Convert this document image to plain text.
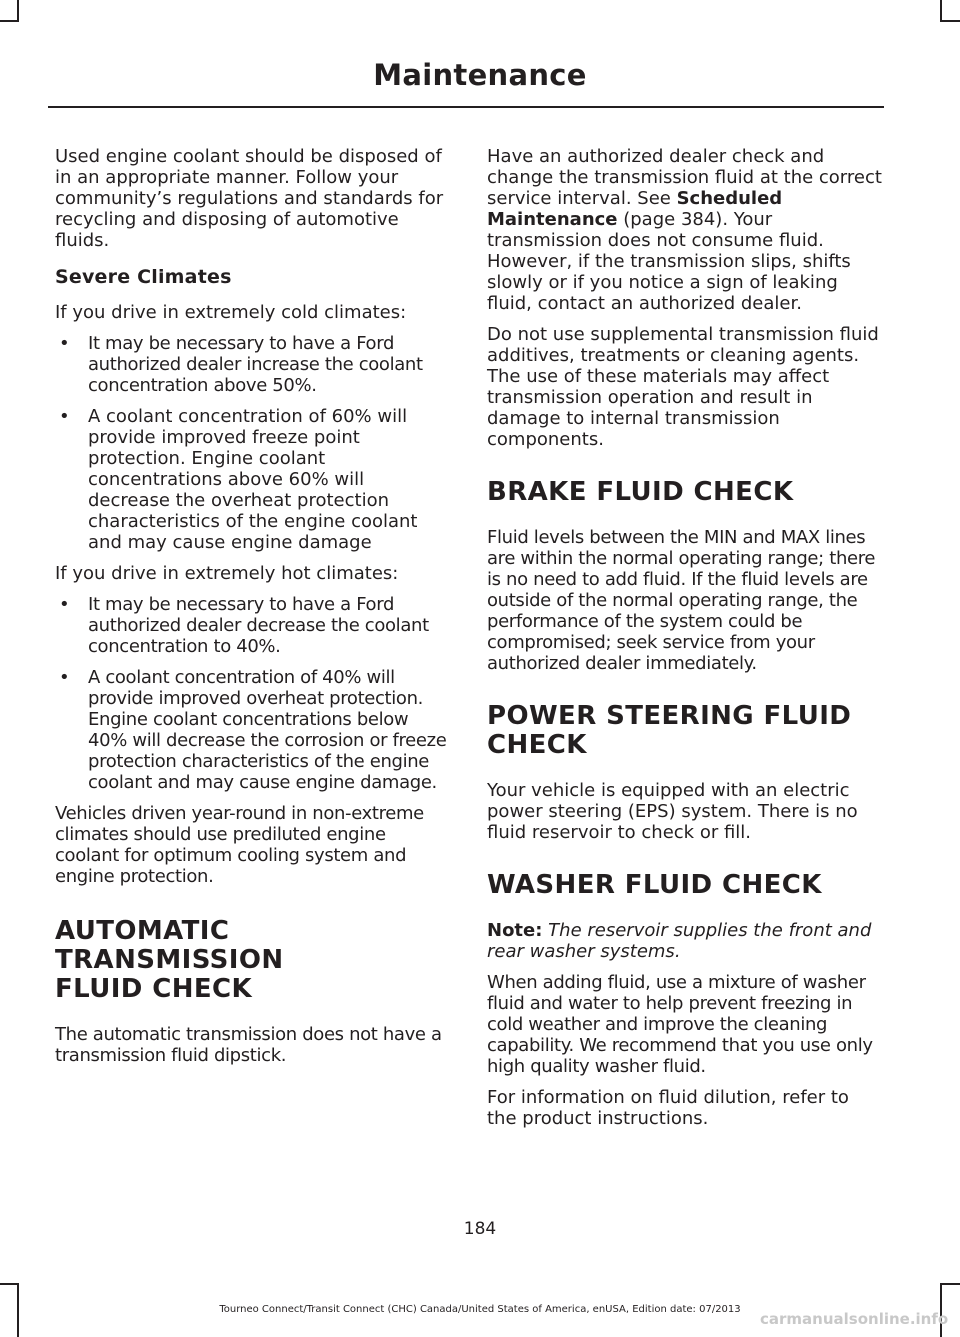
Maintenance

Used engine coolant should be disposed of in an appropriate manner. Follow your community’s regulations and standards for recycling and disposing of automotive fluids.

Severe Climates

If you drive in extremely cold climates:

• It may be necessary to have a Ford authorized dealer increase the coolant concentration above 50%.
• A coolant concentration of 60% will provide improved freeze point protection. Engine coolant concentrations above 60% will decrease the overheat protection characteristics of the engine coolant and may cause engine damage

If you drive in extremely hot climates:

• It may be necessary to have a Ford authorized dealer decrease the coolant concentration to 40%.
• A coolant concentration of 40% will provide improved overheat protection. Engine coolant concentrations below 40% will decrease the corrosion or freeze protection characteristics of the engine coolant and may cause engine damage.

Vehicles driven year-round in non-extreme climates should use prediluted engine coolant for optimum cooling system and engine protection.

AUTOMATIC TRANSMISSION
FLUID CHECK

The automatic transmission does not have a transmission fluid dipstick.

Have an authorized dealer check and change the transmission fluid at the correct service interval. See Scheduled Maintenance (page 384). Your transmission does not consume fluid. However, if the transmission slips, shifts slowly or if you notice a sign of leaking fluid, contact an authorized dealer.

Do not use supplemental transmission fluid additives, treatments or cleaning agents. The use of these materials may affect transmission operation and result in damage to internal transmission components.

BRAKE FLUID CHECK

Fluid levels between the MIN and MAX lines are within the normal operating range; there is no need to add fluid. If the fluid levels are outside of the normal operating range, the performance of the system could be compromised; seek service from your authorized dealer immediately.

POWER STEERING FLUID
CHECK

Your vehicle is equipped with an electric power steering (EPS) system. There is no fluid reservoir to check or fill.

WASHER FLUID CHECK

Note: The reservoir supplies the front and rear washer systems.

When adding fluid, use a mixture of washer fluid and water to help prevent freezing in cold weather and improve the cleaning capability. We recommend that you use only high quality washer fluid.

For information on fluid dilution, refer to the product instructions.

184
Tourneo Connect/Transit Connect (CHC) Canada/United States of America, enUSA, Edition date: 07/2013
carmanualsonline.info
